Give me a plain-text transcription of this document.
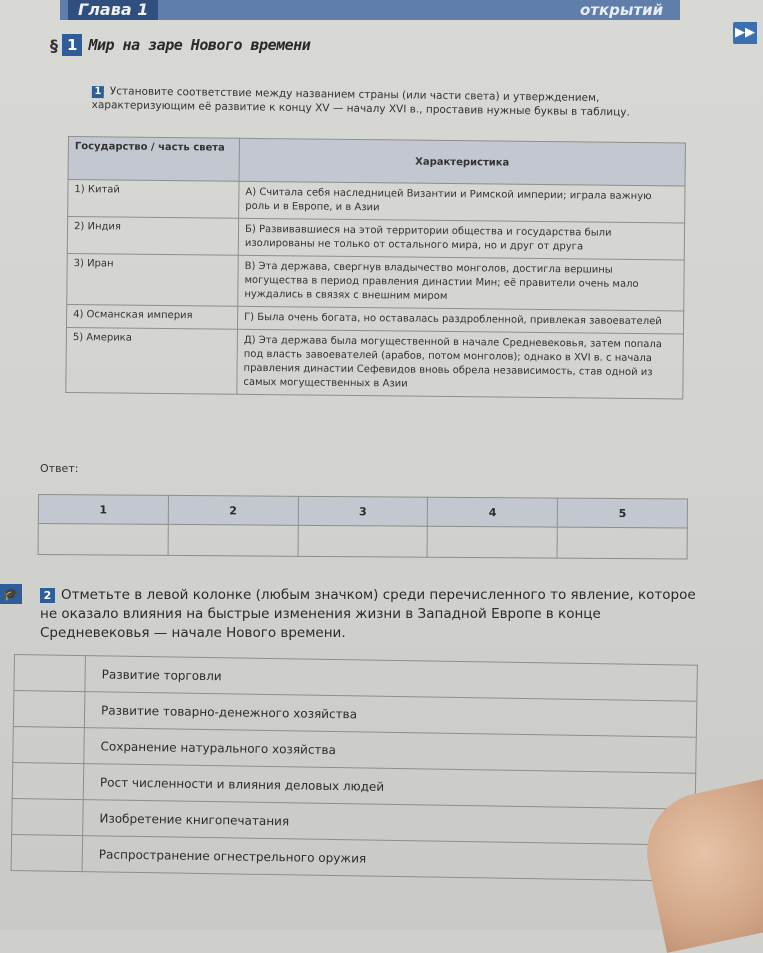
Глава 1	открытий
▶▶
§ 1 Мир на заре Нового времени
1 Установите соответствие между названием страны (или части света) и утверждением, характеризующим её развитие к концу XV — началу XVI в., проставив нужные буквы в таблицу.
Государство / часть света	Характеристика
1) Китай	А) Считала себя наследницей Византии и Римской империи; играла важную роль и в Европе, и в Азии
2) Индия	Б) Развивавшиеся на этой территории общества и государства были изолированы не только от остального мира, но и друг от друга
3) Иран	В) Эта держава, свергнув владычество монголов, достигла вершины могущества в период правления династии Мин; её правители очень мало нуждались в связях с внешним миром
4) Османская империя	Г) Была очень богата, но оставалась раздробленной, привлекая завоевателей
5) Америка	Д) Эта держава была могущественной в начале Средневековья, затем попала под власть завоевателей (арабов, потом монголов); однако в XVI в. с начала правления династии Сефевидов вновь обрела независимость, став одной из самых могущественных в Азии
Ответ:
1	2	3	4	5

🎓	2 Отметьте в левой колонке (любым значком) среди перечисленного то явление, которое не оказало влияния на быстрые изменения жизни в Западной Европе в конце Средневековья — начале Нового времени.
	Развитие торговли
	Развитие товарно-денежного хозяйства
	Сохранение натурального хозяйства
	Рост численности и влияния деловых людей
	Изобретение книгопечатания
	Распространение огнестрельного оружия
